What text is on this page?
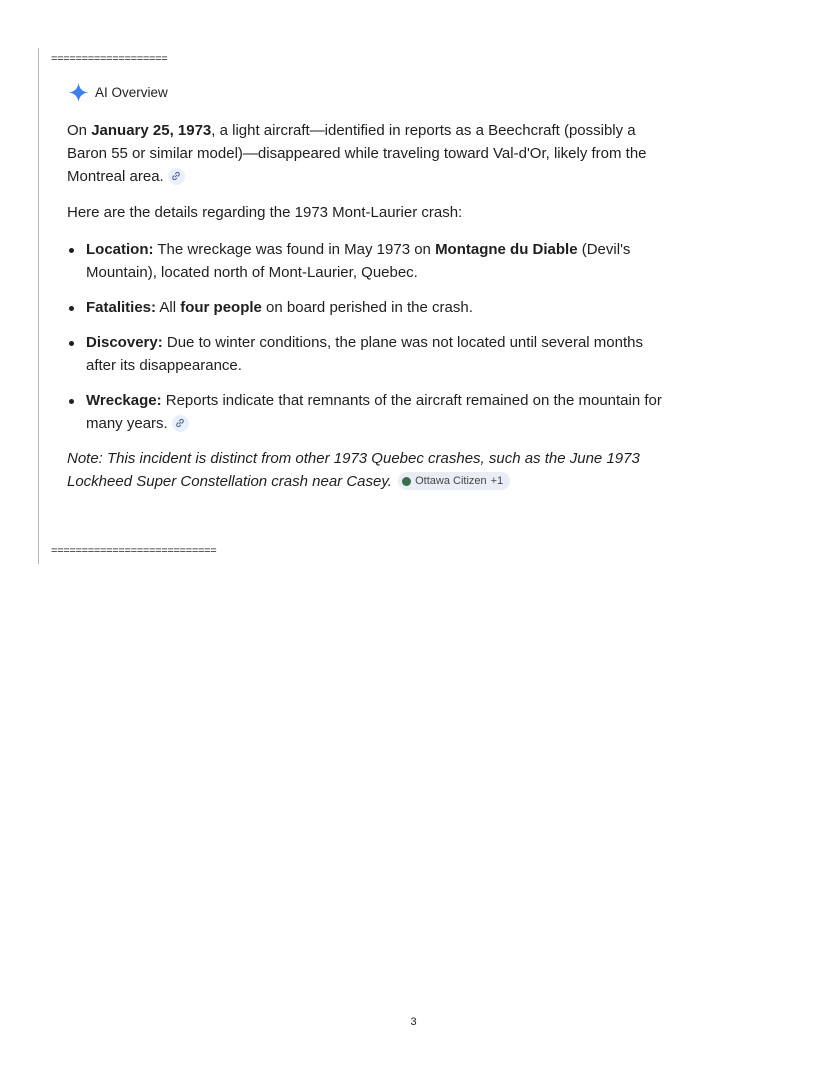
===================
AI Overview

On January 25, 1973, a light aircraft—identified in reports as a Beechcraft (possibly a Baron 55 or similar model)—disappeared while traveling toward Val-d'Or, likely from the Montreal area.

Here are the details regarding the 1973 Mont-Laurier crash:

Location: The wreckage was found in May 1973 on Montagne du Diable (Devil's Mountain), located north of Mont-Laurier, Quebec.
Fatalities: All four people on board perished in the crash.
Discovery: Due to winter conditions, the plane was not located until several months after its disappearance.
Wreckage: Reports indicate that remnants of the aircraft remained on the mountain for many years.

Note: This incident is distinct from other 1973 Quebec crashes, such as the June 1973 Lockheed Super Constellation crash near Casey. Ottawa Citizen +1

===========================
3
